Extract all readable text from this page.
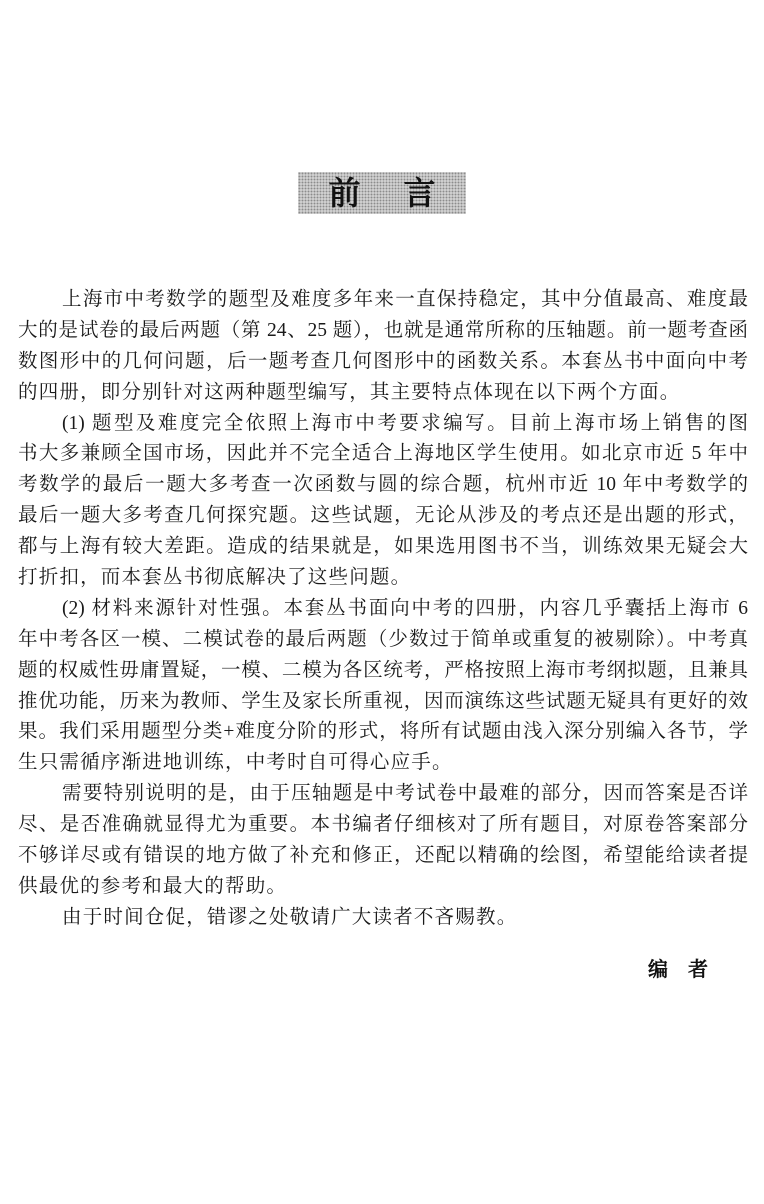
前 言
上海市中考数学的题型及难度多年来一直保持稳定，其中分值最高、难度最
大的是试卷的最后两题（第 24、25 题），也就是通常所称的压轴题。前一题考查函
数图形中的几何问题，后一题考查几何图形中的函数关系。本套丛书中面向中考
的四册，即分别针对这两种题型编写，其主要特点体现在以下两个方面。
(1) 题型及难度完全依照上海市中考要求编写。目前上海市场上销售的图
书大多兼顾全国市场，因此并不完全适合上海地区学生使用。如北京市近 5 年中
考数学的最后一题大多考查一次函数与圆的综合题，杭州市近 10 年中考数学的
最后一题大多考查几何探究题。这些试题，无论从涉及的考点还是出题的形式，
都与上海有较大差距。造成的结果就是，如果选用图书不当，训练效果无疑会大
打折扣，而本套丛书彻底解决了这些问题。
(2) 材料来源针对性强。本套丛书面向中考的四册，内容几乎囊括上海市 6
年中考各区一模、二模试卷的最后两题（少数过于简单或重复的被剔除）。中考真
题的权威性毋庸置疑，一模、二模为各区统考，严格按照上海市考纲拟题，且兼具
推优功能，历来为教师、学生及家长所重视，因而演练这些试题无疑具有更好的效
果。我们采用题型分类+难度分阶的形式，将所有试题由浅入深分别编入各节，学
生只需循序渐进地训练，中考时自可得心应手。
需要特别说明的是，由于压轴题是中考试卷中最难的部分，因而答案是否详
尽、是否准确就显得尤为重要。本书编者仔细核对了所有题目，对原卷答案部分
不够详尽或有错误的地方做了补充和修正，还配以精确的绘图，希望能给读者提
供最优的参考和最大的帮助。
由于时间仓促，错谬之处敬请广大读者不吝赐教。
编 者
